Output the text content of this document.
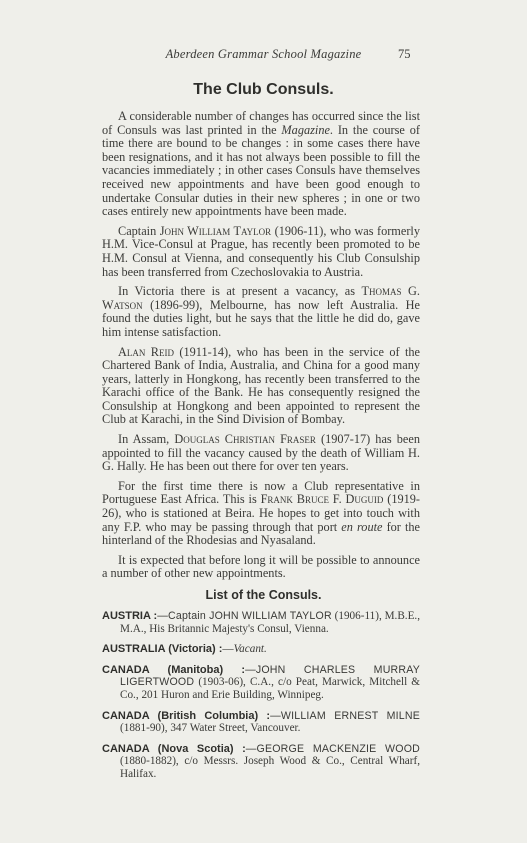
Aberdeen Grammar School Magazine	75
The Club Consuls.

A considerable number of changes has occurred since the list of Consuls was last printed in the Magazine. In the course of time there are bound to be changes : in some cases there have been resignations, and it has not always been possible to fill the vacancies immediately ; in other cases Consuls have themselves received new appointments and have been good enough to undertake Consular duties in their new spheres ; in one or two cases entirely new appointments have been made.

Captain John William Taylor (1906-11), who was formerly H.M. Vice-Consul at Prague, has recently been promoted to be H.M. Consul at Vienna, and consequently his Club Consulship has been transferred from Czechoslovakia to Austria.

In Victoria there is at present a vacancy, as Thomas G. Watson (1896-99), Melbourne, has now left Australia. He found the duties light, but he says that the little he did do, gave him intense satisfaction.

Alan Reid (1911-14), who has been in the service of the Chartered Bank of India, Australia, and China for a good many years, latterly in Hongkong, has recently been transferred to the Karachi office of the Bank. He has consequently resigned the Consulship at Hongkong and been appointed to represent the Club at Karachi, in the Sind Division of Bombay.

In Assam, Douglas Christian Fraser (1907-17) has been appointed to fill the vacancy caused by the death of William H. G. Hally. He has been out there for over ten years.

For the first time there is now a Club representative in Portuguese East Africa. This is Frank Bruce F. Duguid (1919-26), who is stationed at Beira. He hopes to get into touch with any F.P. who may be passing through that port en route for the hinterland of the Rhodesias and Nyasaland.

It is expected that before long it will be possible to announce a number of other new appointments.

List of the Consuls.
AUSTRIA :—Captain JOHN WILLIAM TAYLOR (1906-11), M.B.E., M.A., His Britannic Majesty's Consul, Vienna.
AUSTRALIA (Victoria) :—Vacant.
CANADA (Manitoba) :—JOHN CHARLES MURRAY LIGERTWOOD (1903-06), C.A., c/o Peat, Marwick, Mitchell & Co., 201 Huron and Erie Building, Winnipeg.
CANADA (British Columbia) :—WILLIAM ERNEST MILNE (1881-90), 347 Water Street, Vancouver.
CANADA (Nova Scotia) :—GEORGE MACKENZIE WOOD (1880-1882), c/o Messrs. Joseph Wood & Co., Central Wharf, Halifax.
